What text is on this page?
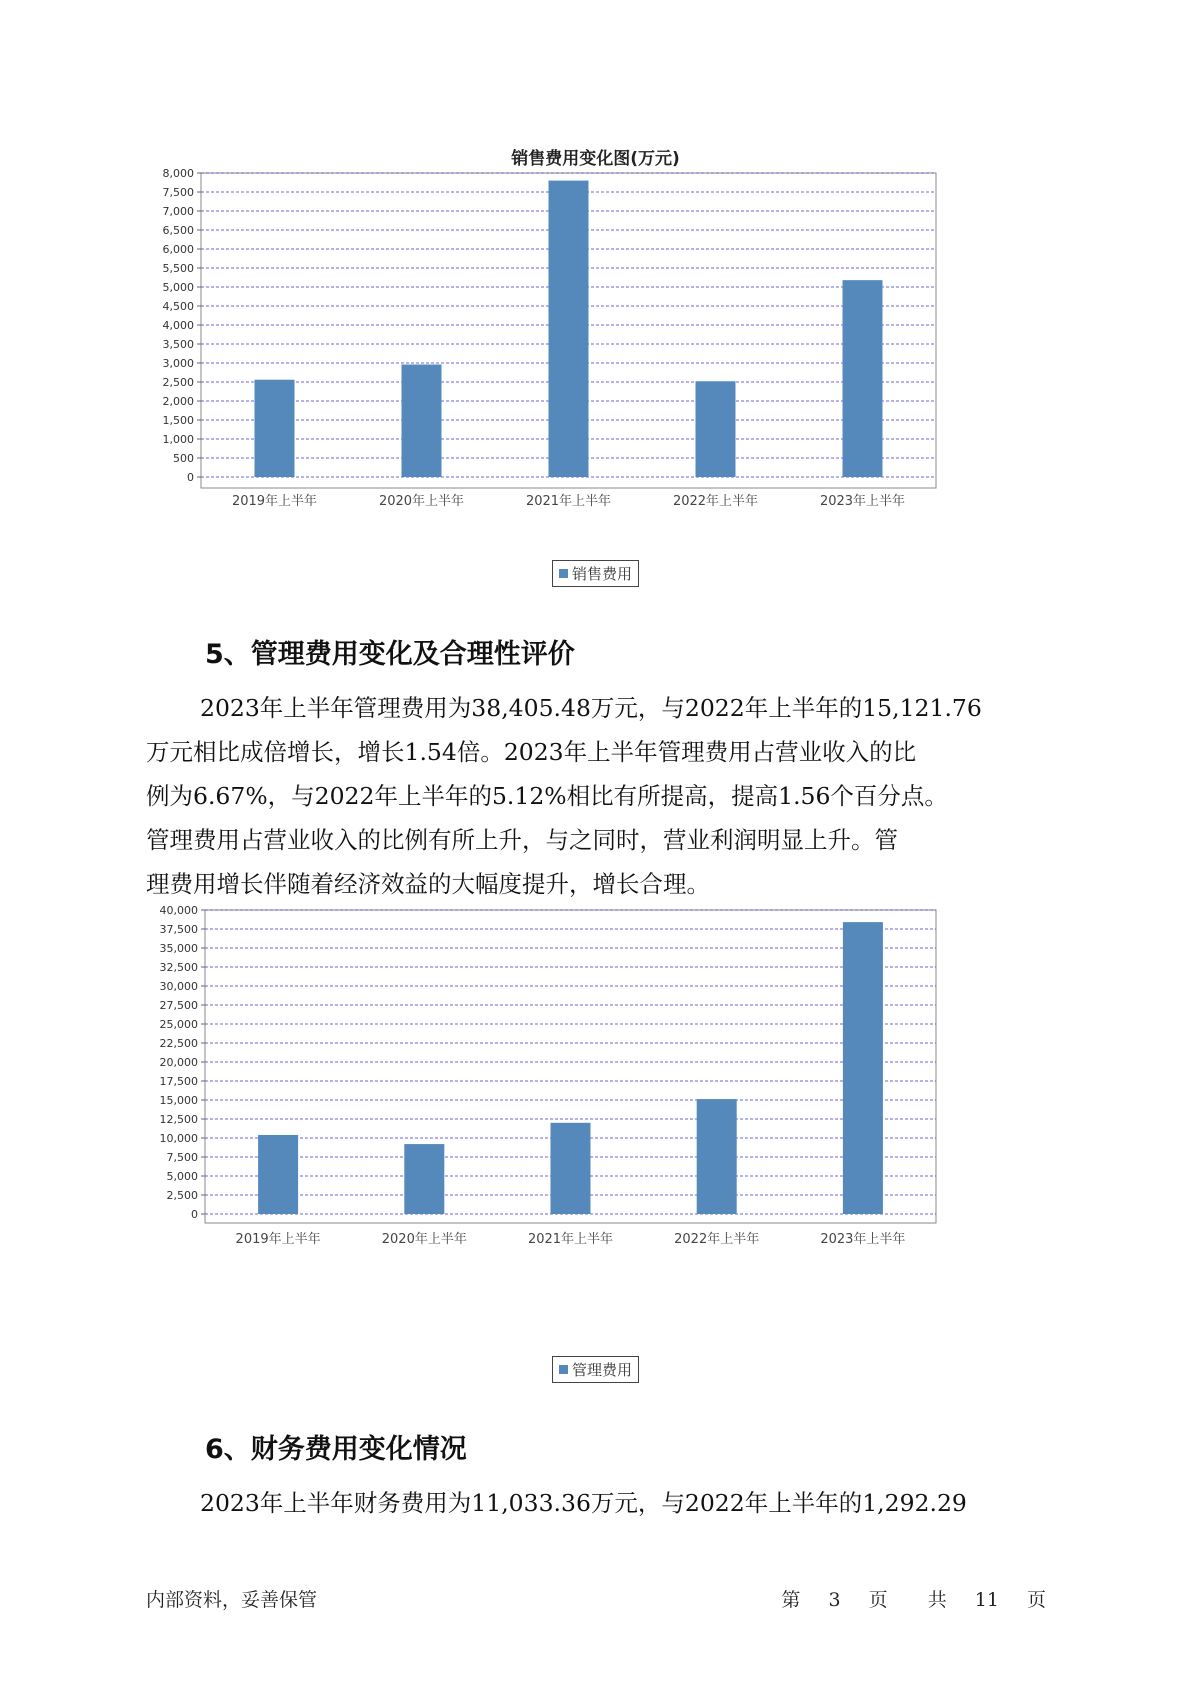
销售费用变化图(万元)
0
500
1,000
1,500
2,000
2,500
3,000
3,500
4,000
4,500
5,000
5,500
6,000
6,500
7,000
7,500
8,000
2019年上半年	2020年上半年	2021年上半年	2022年上半年	2023年上半年
销售费用
5、管理费用变化及合理性评价
2023年上半年管理费用为38,405.48万元，与2022年上半年的15,121.76
万元相比成倍增长，增长1.54倍。2023年上半年管理费用占营业收入的比
例为6.67%，与2022年上半年的5.12%相比有所提高，提高1.56个百分点。
管理费用占营业收入的比例有所上升，与之同时，营业利润明显上升。管
理费用增长伴随着经济效益的大幅度提升，增长合理。
0
2,500
5,000
7,500
10,000
12,500
15,000
17,500
20,000
22,500
25,000
27,500
30,000
32,500
35,000
37,500
40,000
2019年上半年	2020年上半年	2021年上半年	2022年上半年	2023年上半年
管理费用
6、财务费用变化情况
2023年上半年财务费用为11,033.36万元，与2022年上半年的1,292.29
内部资料，妥善保管	第 3 页 共 11 页
